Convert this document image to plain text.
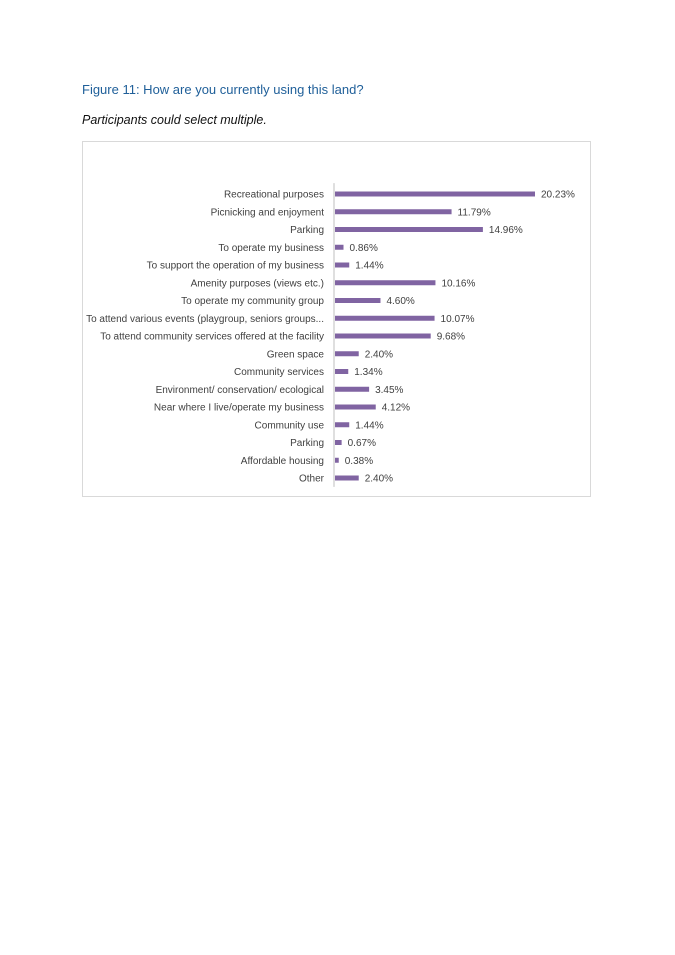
Figure 11: How are you currently using this land?
Participants could select multiple.
Recreational purposes	20.23%
Picnicking and enjoyment	11.79%
Parking	14.96%
To operate my business	0.86%
To support the operation of my business	1.44%
Amenity purposes (views etc.)	10.16%
To operate my community group	4.60%
To attend various events (playgroup, seniors groups...	10.07%
To attend community services offered at the facility	9.68%
Green space	2.40%
Community services	1.34%
Environment/ conservation/ ecological	3.45%
Near where I live/operate my business	4.12%
Community use	1.44%
Parking 0.67%
Affordable housing 0.38%
Other	2.40%
